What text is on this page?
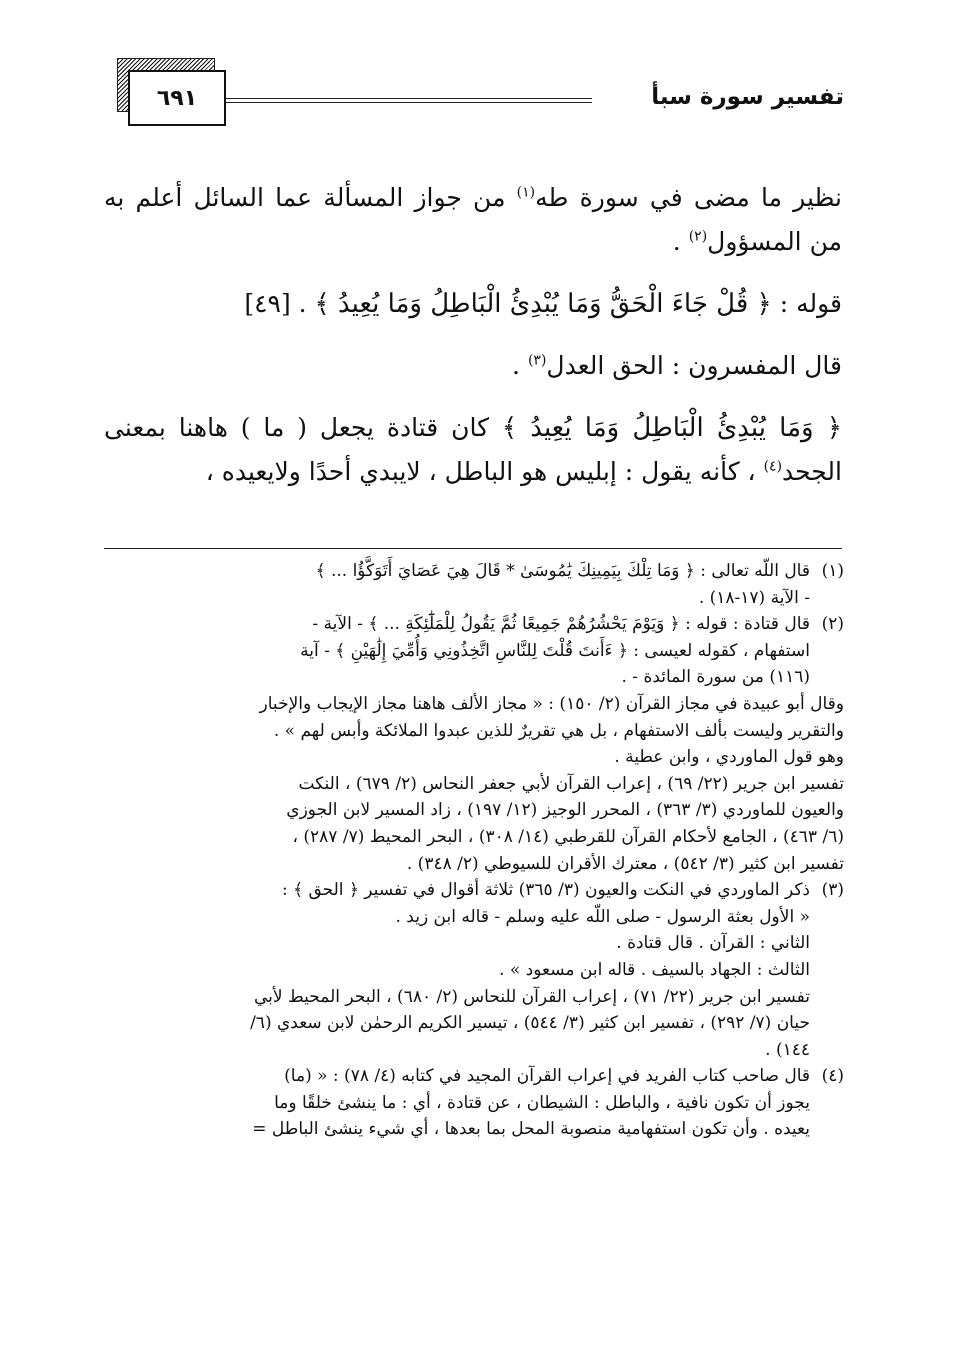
تفسير سورة سبأ
٦٩١

نظير ما مضى في سورة طه$^{(١)}$ من جواز المسألة عما السائل أعلم به من المسؤول$^{(٢)}$ .

قوله : ﴿ قُلْ جَاءَ الْحَقُّ وَمَا يُبْدِئُ الْبَاطِلُ وَمَا يُعِيدُ ﴾ . [٤٩]

قال المفسرون : الحق العدل$^{(٣)}$ .

﴿ وَمَا يُبْدِئُ الْبَاطِلُ وَمَا يُعِيدُ ﴾ كان قتادة يجعل ( ما ) هاهنا بمعنى الجحد$^{(٤)}$ ، كأنه يقول : إبليس هو الباطل ، لايبدي أحدًا ولايعيده ،

(١)
قال اللّه تعالى : ﴿ وَمَا تِلْكَ بِيَمِينِكَ يَٰمُوسَىٰ * قَالَ هِيَ عَصَايَ أَتَوَكَّؤُا ... ﴾
- الآية (١٧-١٨) .
(٢)
قال قتادة : قوله : ﴿ وَيَوْمَ يَحْشُرُهُمْ جَمِيعًا ثُمَّ يَقُولُ لِلْمَلَٰٓئِكَةِ ... ﴾ - الآية -
استفهام ، كقوله لعيسى : ﴿ ءَأَنتَ قُلْتَ لِلنَّاسِ اتَّخِذُونِي وَأُمِّيَ إِلَٰهَيْنِ ﴾ - آية
(١١٦) من سورة المائدة - .
وقال أبو عبيدة في مجاز القرآن (٢/ ١٥٠) : « مجاز الألف هاهنا مجاز الإيجاب والإخبار
والتقرير وليست بألف الاستفهام ، بل هي تقريرٌ للذين عبدوا الملائكة وأبس لهم » .
وهو قول الماوردي ، وابن عطية .
تفسير ابن جرير (٢٢/ ٦٩) ، إعراب القرآن لأبي جعفر النحاس (٢/ ٦٧٩) ، النكت
والعيون للماوردي (٣/ ٣٦٣) ، المحرر الوجيز (١٢/ ١٩٧) ، زاد المسير لابن الجوزي
(٦/ ٤٦٣) ، الجامع لأحكام القرآن للقرطبي (١٤/ ٣٠٨) ، البحر المحيط (٧/ ٢٨٧) ،
تفسير ابن كثير (٣/ ٥٤٢) ، معترك الأقران للسيوطي (٢/ ٣٤٨) .
(٣)
ذكر الماوردي في النكت والعيون (٣/ ٣٦٥) ثلاثة أقوال في تفسير ﴿ الحق ﴾ :
« الأول بعثة الرسول - صلى اللّه عليه وسلم - قاله ابن زيد .
الثاني : القرآن . قال قتادة .
الثالث : الجهاد بالسيف . قاله ابن مسعود » .
تفسير ابن جرير (٢٢/ ٧١) ، إعراب القرآن للنحاس (٢/ ٦٨٠) ، البحر المحيط لأبي
حيان (٧/ ٢٩٢) ، تفسير ابن كثير (٣/ ٥٤٤) ، تيسير الكريم الرحمٰن لابن سعدي (٦/
١٤٤) .
(٤)
قال صاحب كتاب الفريد في إعراب القرآن المجيد في كتابه (٤/ ٧٨) : « (ما)
يجوز أن تكون نافية ، والباطل : الشيطان ، عن قتادة ، أي : ما ينشئ خلقًا وما
يعيده . وأن تكون استفهامية منصوبة المحل بما بعدها ، أي شيء ينشئ الباطل =
